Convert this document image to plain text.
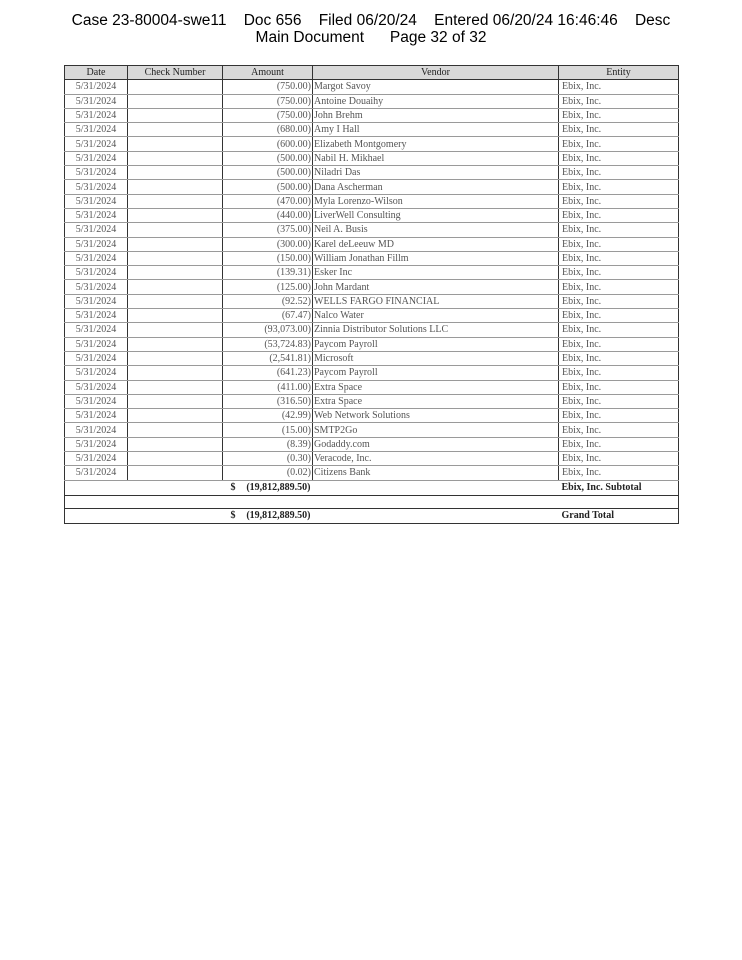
Case 23-80004-swe11 Doc 656 Filed 06/20/24 Entered 06/20/24 16:46:46 Desc
Main Document Page 32 of 32
Date	Check Number	Amount	Vendor	Entity
5/31/2024		(750.00)	Margot Savoy	Ebix, Inc.
5/31/2024		(750.00)	Antoine Douaihy	Ebix, Inc.
5/31/2024		(750.00)	John Brehm	Ebix, Inc.
5/31/2024		(680.00)	Amy I Hall	Ebix, Inc.
5/31/2024		(600.00)	Elizabeth Montgomery	Ebix, Inc.
5/31/2024		(500.00)	Nabil H. Mikhael	Ebix, Inc.
5/31/2024		(500.00)	Niladri Das	Ebix, Inc.
5/31/2024		(500.00)	Dana Ascherman	Ebix, Inc.
5/31/2024		(470.00)	Myla Lorenzo-Wilson	Ebix, Inc.
5/31/2024		(440.00)	LiverWell Consulting	Ebix, Inc.
5/31/2024		(375.00)	Neil A. Busis	Ebix, Inc.
5/31/2024		(300.00)	Karel deLeeuw MD	Ebix, Inc.
5/31/2024		(150.00)	William Jonathan Fillm	Ebix, Inc.
5/31/2024		(139.31)	Esker Inc	Ebix, Inc.
5/31/2024		(125.00)	John Mardant	Ebix, Inc.
5/31/2024		(92.52)	WELLS FARGO FINANCIAL	Ebix, Inc.
5/31/2024		(67.47)	Nalco Water	Ebix, Inc.
5/31/2024		(93,073.00)	Zinnia Distributor Solutions LLC	Ebix, Inc.
5/31/2024		(53,724.83)	Paycom Payroll	Ebix, Inc.
5/31/2024		(2,541.81)	Microsoft	Ebix, Inc.
5/31/2024		(641.23)	Paycom Payroll	Ebix, Inc.
5/31/2024		(411.00)	Extra Space	Ebix, Inc.
5/31/2024		(316.50)	Extra Space	Ebix, Inc.
5/31/2024		(42.99)	Web Network Solutions	Ebix, Inc.
5/31/2024		(15.00)	SMTP2Go	Ebix, Inc.
5/31/2024		(8.39)	Godaddy.com	Ebix, Inc.
5/31/2024		(0.30)	Veracode, Inc.	Ebix, Inc.
5/31/2024		(0.02)	Citizens Bank	Ebix, Inc.

		$ (19,812,889.50)		Ebix, Inc. Subtotal

		$ (19,812,889.50)		Grand Total
